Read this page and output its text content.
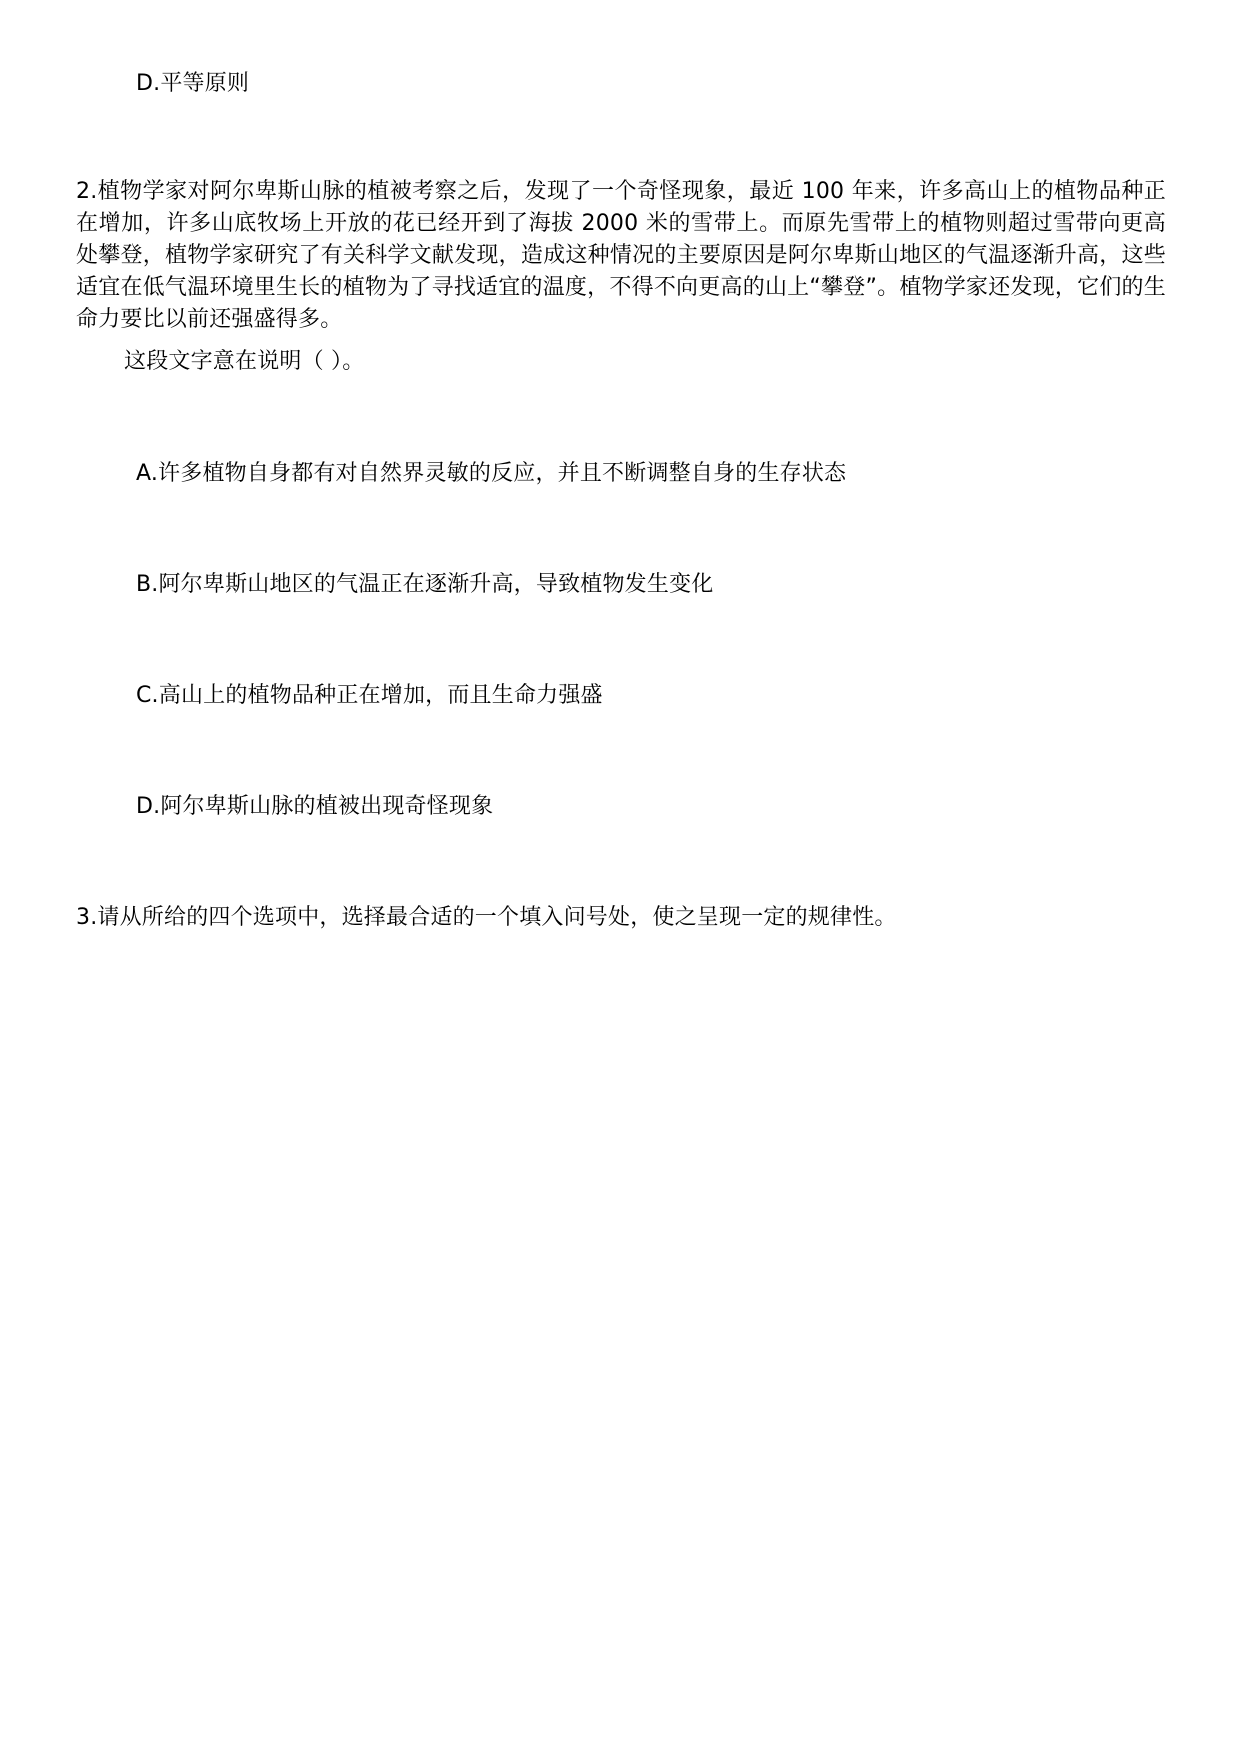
D.平等原则
2.植物学家对阿尔卑斯山脉的植被考察之后，发现了一个奇怪现象，最近 100 年来，许多高山上的植物品种正在增加，许多山底牧场上开放的花已经开到了海拔 2000 米的雪带上。而原先雪带上的植物则超过雪带向更高处攀登，植物学家研究了有关科学文献发现，造成这种情况的主要原因是阿尔卑斯山地区的气温逐渐升高，这些适宜在低气温环境里生长的植物为了寻找适宜的温度，不得不向更高的山上“攀登”。植物学家还发现，它们的生命力要比以前还强盛得多。
这段文字意在说明（ ）。
A.许多植物自身都有对自然界灵敏的反应，并且不断调整自身的生存状态
B.阿尔卑斯山地区的气温正在逐渐升高，导致植物发生变化
C.高山上的植物品种正在增加，而且生命力强盛
D.阿尔卑斯山脉的植被出现奇怪现象
3.请从所给的四个选项中，选择最合适的一个填入问号处，使之呈现一定的规律性。
